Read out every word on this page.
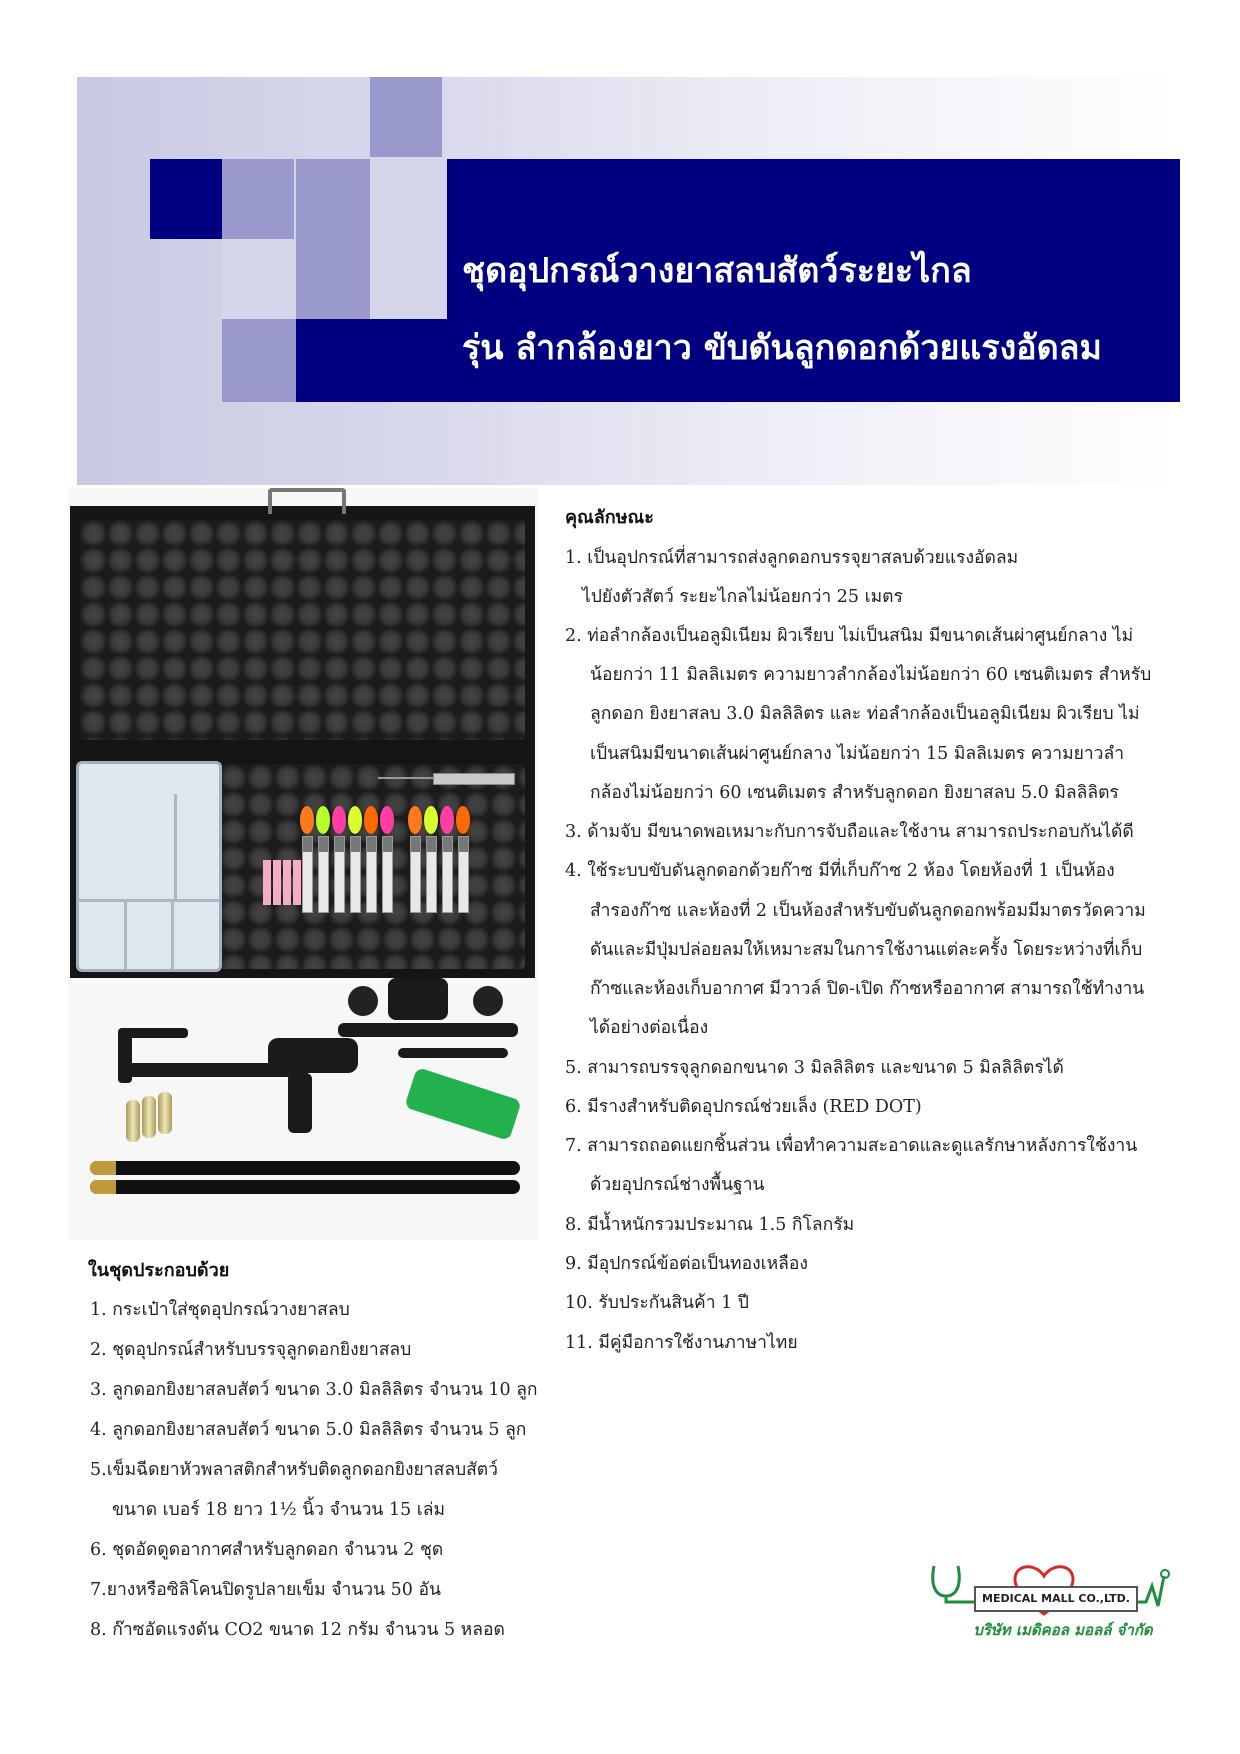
ชุดอุปกรณ์วางยาสลบสัตว์ระยะไกล
รุ่น ลำกล้องยาว ขับดันลูกดอกด้วยแรงอัดลม
คุณลักษณะ
1. เป็นอุปกรณ์ที่สามารถส่งลูกดอกบรรจุยาสลบด้วยแรงอัดลม
ไปยังตัวสัตว์ ระยะไกลไม่น้อยกว่า 25 เมตร
2. ท่อลำกล้องเป็นอลูมิเนียม ผิวเรียบ ไม่เป็นสนิม มีขนาดเส้นผ่าศูนย์กลาง ไม่
น้อยกว่า 11 มิลลิเมตร ความยาวลำกล้องไม่น้อยกว่า 60 เซนติเมตร สำหรับ
ลูกดอก ยิงยาสลบ 3.0 มิลลิลิตร และ ท่อลำกล้องเป็นอลูมิเนียม ผิวเรียบ ไม่
เป็นสนิมมีขนาดเส้นผ่าศูนย์กลาง ไม่น้อยกว่า 15 มิลลิเมตร ความยาวลำ
กล้องไม่น้อยกว่า 60 เซนติเมตร สำหรับลูกดอก ยิงยาสลบ 5.0 มิลลิลิตร
3. ด้ามจับ มีขนาดพอเหมาะกับการจับถือและใช้งาน สามารถประกอบกันได้ดี
4. ใช้ระบบขับดันลูกดอกด้วยก๊าซ มีที่เก็บก๊าซ 2 ห้อง โดยห้องที่ 1 เป็นห้อง
สำรองก๊าซ และห้องที่ 2 เป็นห้องสำหรับขับดันลูกดอกพร้อมมีมาตรวัดความ
ดันและมีปุ่มปล่อยลมให้เหมาะสมในการใช้งานแต่ละครั้ง โดยระหว่างที่เก็บ
ก๊าซและห้องเก็บอากาศ มีวาวล์ ปิด-เปิด ก๊าซหรืออากาศ สามารถใช้ทำงาน
ได้อย่างต่อเนื่อง
5. สามารถบรรจุลูกดอกขนาด 3 มิลลิลิตร และขนาด 5 มิลลิลิตรได้
6. มีรางสำหรับติดอุปกรณ์ช่วยเล็ง (RED DOT)
7. สามารถถอดแยกชิ้นส่วน เพื่อทำความสะอาดและดูแลรักษาหลังการใช้งาน
ด้วยอุปกรณ์ช่างพื้นฐาน
8. มีน้ำหนักรวมประมาณ 1.5 กิโลกรัม
9. มีอุปกรณ์ข้อต่อเป็นทองเหลือง
10. รับประกันสินค้า 1 ปี
11. มีคู่มือการใช้งานภาษาไทย
ในชุดประกอบด้วย
1. กระเป๋าใส่ชุดอุปกรณ์วางยาสลบ
2. ชุดอุปกรณ์สำหรับบรรจุลูกดอกยิงยาสลบ
3. ลูกดอกยิงยาสลบสัตว์ ขนาด 3.0 มิลลิลิตร จำนวน 10 ลูก
4. ลูกดอกยิงยาสลบสัตว์ ขนาด 5.0 มิลลิลิตร จำนวน 5 ลูก
5.เข็มฉีดยาหัวพลาสติกสำหรับติดลูกดอกยิงยาสลบสัตว์
ขนาด เบอร์ 18 ยาว 1½ นิ้ว จำนวน 15 เล่ม
6. ชุดอัดดูดอากาศสำหรับลูกดอก จำนวน 2 ชุด
7.ยางหรือซิลิโคนปิดรูปลายเข็ม จำนวน 50 อัน
8. ก๊าซอัดแรงดัน CO2 ขนาด 12 กรัม จำนวน 5 หลอด
MEDICAL MALL CO.,LTD.
บริษัท เมดิคอล มอลล์ จำกัด
